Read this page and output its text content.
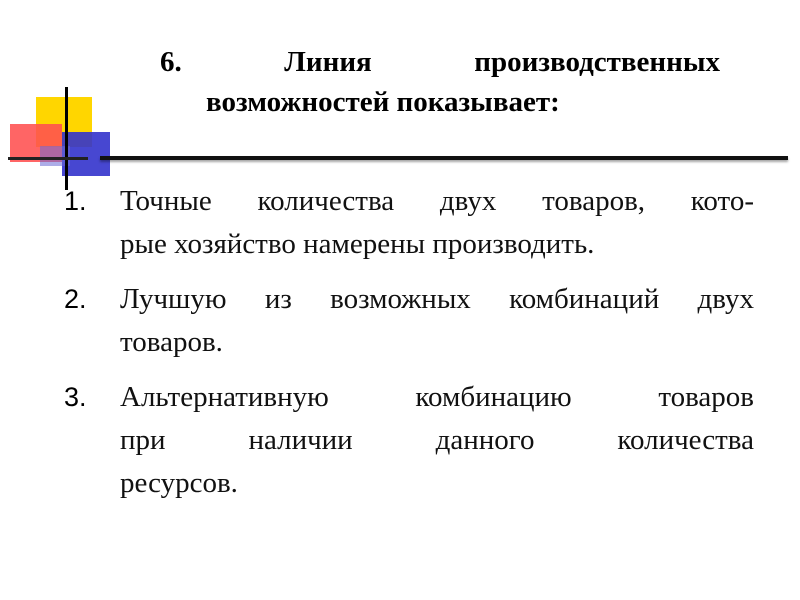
6.	Линия	производственных
возможностей показывает:
1.	Точные количества двух товаров, кото-
рые хозяйство намерены производить.
2.	Лучшую из возможных комбинаций двух
товаров.
3.	Альтернативную комбинацию товаров
при наличии данного количества
ресурсов.
